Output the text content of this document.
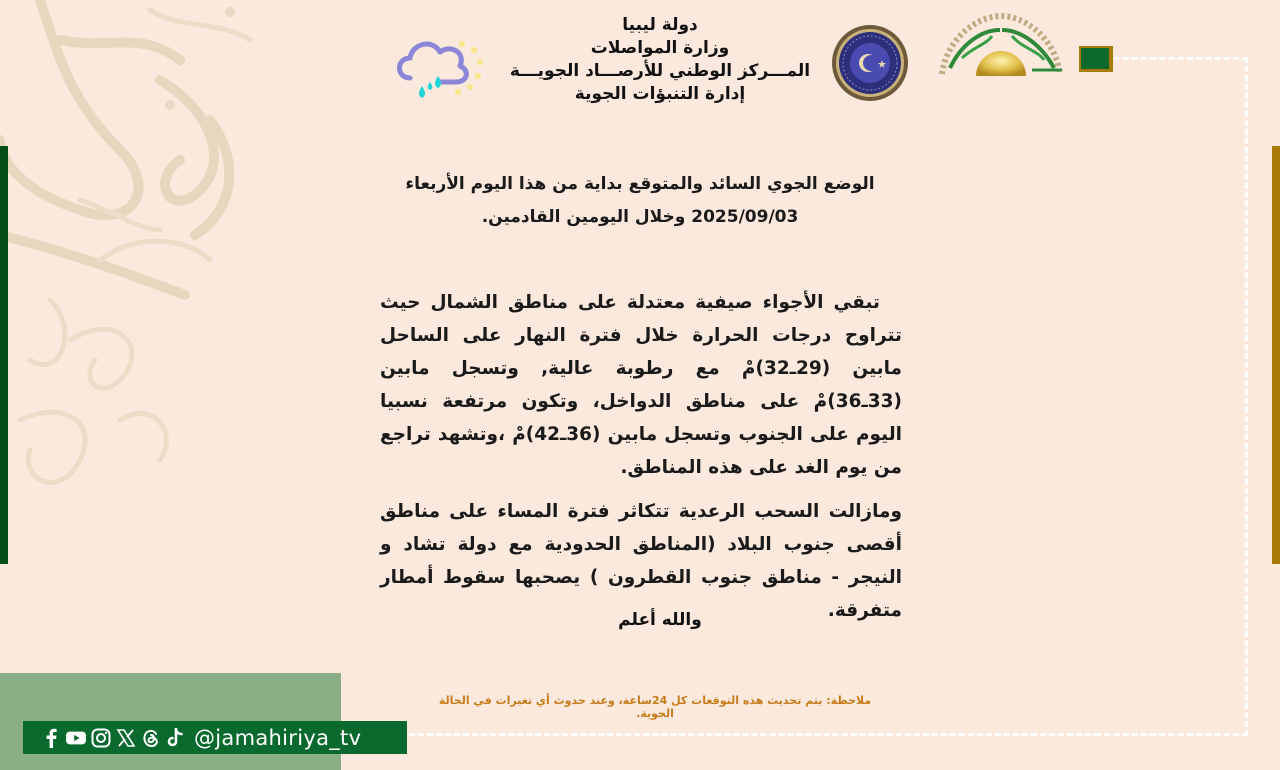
دولة ليبيا
وزارة المواصلات
المـــركز الوطني للأرصـــاد الجويـــة
إدارة التنبؤات الجوية
الوضع الجوي السائد والمتوقع بداية من هذا اليوم الأربعاء
2025/09/03 وخلال اليومين القادمين.

تبقي الأجواء صيفية معتدلة على مناطق الشمال حيث تتراوح درجات الحرارة خلال فترة النهار على الساحل مابين (29ـ32)مْ مع رطوبة عالية, وتسجل مابين (33ـ36)مْ على مناطق الدواخل، وتكون مرتفعة نسبيا اليوم على الجنوب وتسجل مابين (36ـ42)مْ ،وتشهد تراجع من يوم الغد على هذه المناطق.

ومازالت السحب الرعدية تتكاثر فترة المساء على مناطق أقصى جنوب البلاد (المناطق الحدودية مع دولة تشاد و النيجر - مناطق جنوب القطرون ) يصحبها سقوط أمطار متفرقة.

والله أعلم
ملاحظة: يتم تحديث هذه التوقعات كل 24ساعة، وعند حدوث أي تغيرات في الحالة الجوية.
@jamahiriya_tv
